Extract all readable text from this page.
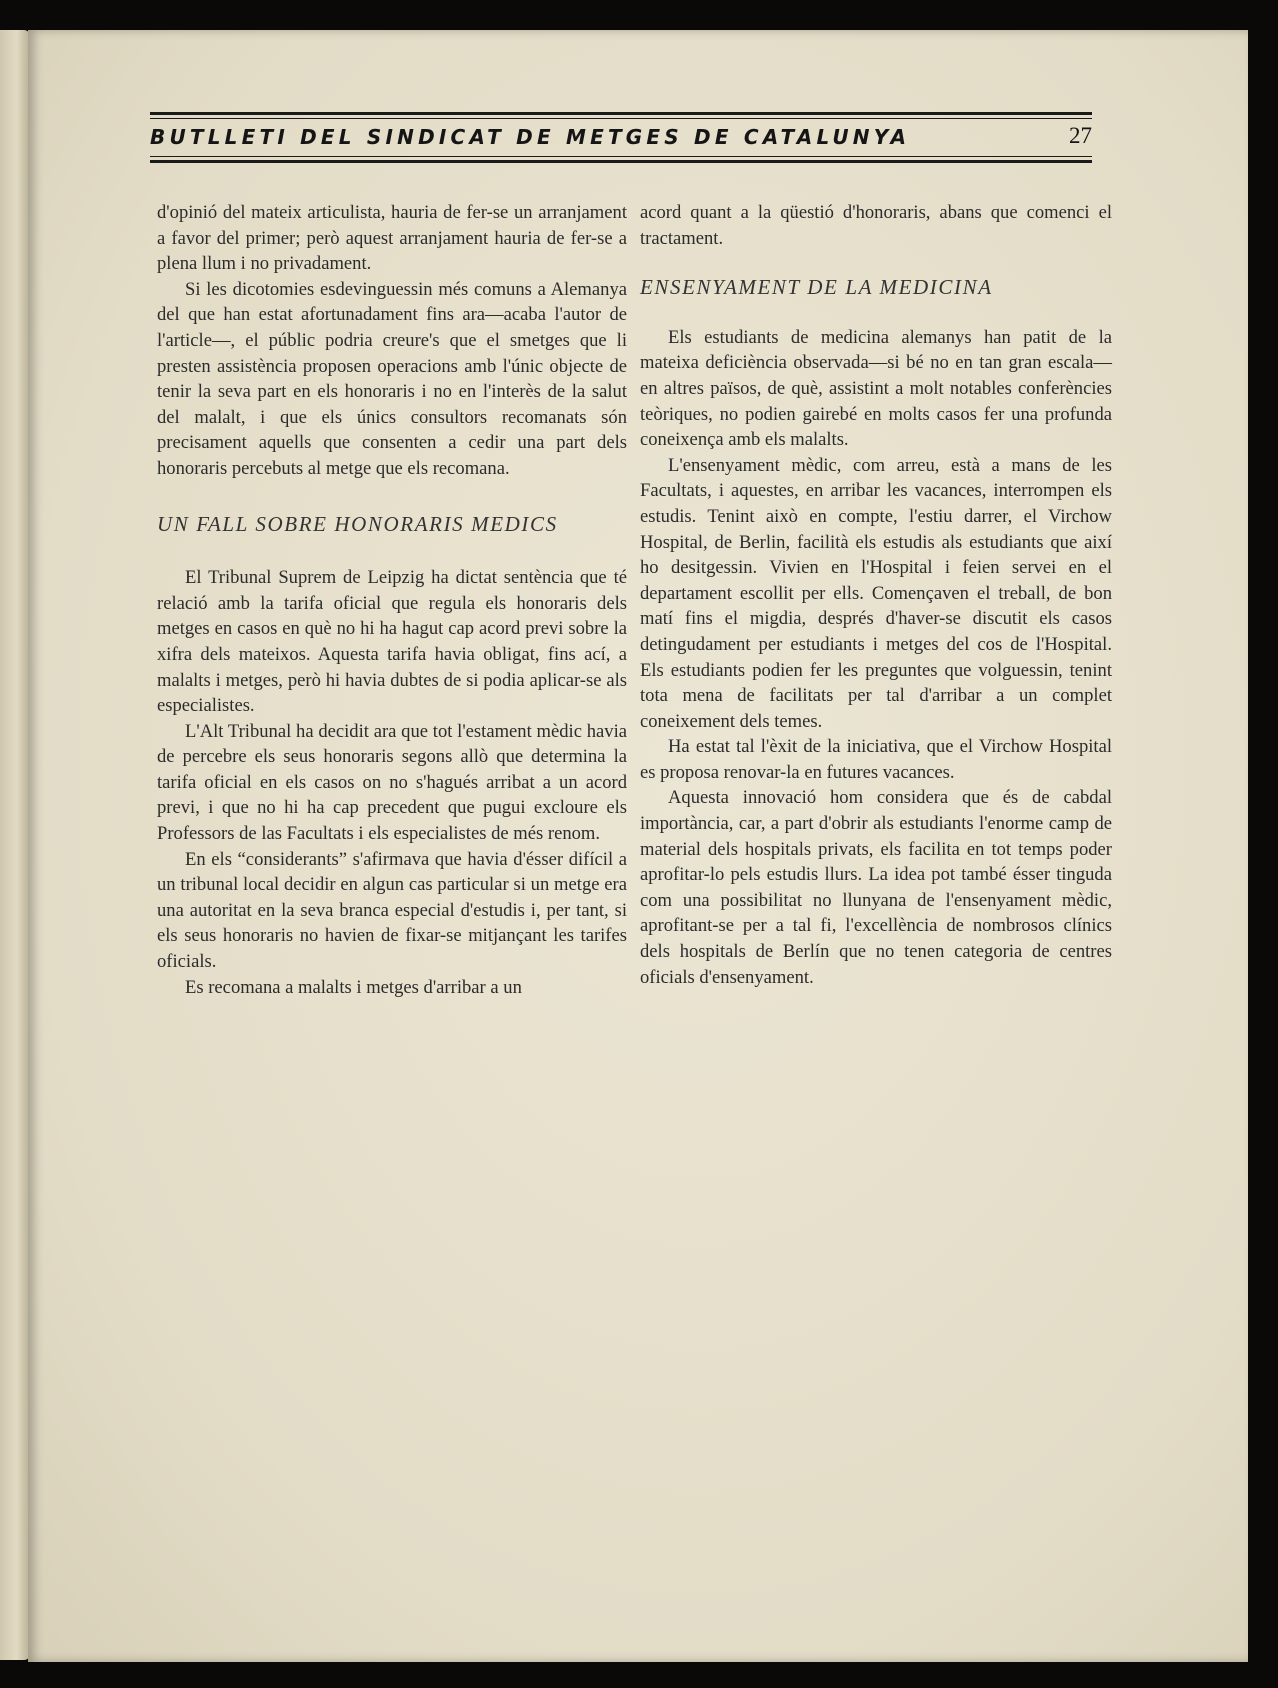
BUTLLETI DEL SINDICAT DE METGES DE CATALUNYA	27

d'opinió del mateix articulista, hauria de fer-se un arranjament a favor del primer; però aquest arranjament hauria de fer-se a plena llum i no privadament.

Si les dicotomies esdevinguessin més comuns a Alemanya del que han estat afortunadament fins ara—acaba l'autor de l'article—, el públic podria creure's que el smetges que li presten assistència proposen operacions amb l'únic objecte de tenir la seva part en els honoraris i no en l'interès de la salut del malalt, i que els únics consultors recomanats són precisament aquells que consenten a cedir una part dels honoraris percebuts al metge que els recomana.

UN FALL SOBRE HONORARIS MEDICS

El Tribunal Suprem de Leipzig ha dictat sentència que té relació amb la tarifa oficial que regula els honoraris dels metges en casos en què no hi ha hagut cap acord previ sobre la xifra dels mateixos. Aquesta tarifa havia obligat, fins ací, a malalts i metges, però hi havia dubtes de si podia aplicar-se als especialistes.

L'Alt Tribunal ha decidit ara que tot l'estament mèdic havia de percebre els seus honoraris segons allò que determina la tarifa oficial en els casos on no s'hagués arribat a un acord previ, i que no hi ha cap precedent que pugui excloure els Professors de las Facultats i els especialistes de més renom.

En els “considerants” s'afirmava que havia d'ésser difícil a un tribunal local decidir en algun cas particular si un metge era una autoritat en la seva branca especial d'estudis i, per tant, si els seus honoraris no havien de fixar-se mitjançant les tarifes oficials.

Es recomana a malalts i metges d'arribar a un

acord quant a la qüestió d'honoraris, abans que comenci el tractament.

ENSENYAMENT DE LA MEDICINA

Els estudiants de medicina alemanys han patit de la mateixa deficiència observada—si bé no en tan gran escala—en altres països, de què, assistint a molt notables conferències teòriques, no podien gairebé en molts casos fer una profunda coneixença amb els malalts.

L'ensenyament mèdic, com arreu, està a mans de les Facultats, i aquestes, en arribar les vacances, interrompen els estudis. Tenint això en compte, l'estiu darrer, el Virchow Hospital, de Berlin, facilità els estudis als estudiants que així ho desitgessin. Vivien en l'Hospital i feien servei en el departament escollit per ells. Començaven el treball, de bon matí fins el migdia, després d'haver-se discutit els casos detingudament per estudiants i metges del cos de l'Hospital. Els estudiants podien fer les preguntes que volguessin, tenint tota mena de facilitats per tal d'arribar a un complet coneixement dels temes.

Ha estat tal l'èxit de la iniciativa, que el Virchow Hospital es proposa renovar-la en futures vacances.

Aquesta innovació hom considera que és de cabdal importància, car, a part d'obrir als estudiants l'enorme camp de material dels hospitals privats, els facilita en tot temps poder aprofitar-lo pels estudis llurs. La idea pot també ésser tinguda com una possibilitat no llunyana de l'ensenyament mèdic, aprofitant-se per a tal fi, l'excellència de nombrosos clínics dels hospitals de Berlín que no tenen categoria de centres oficials d'ensenyament.
